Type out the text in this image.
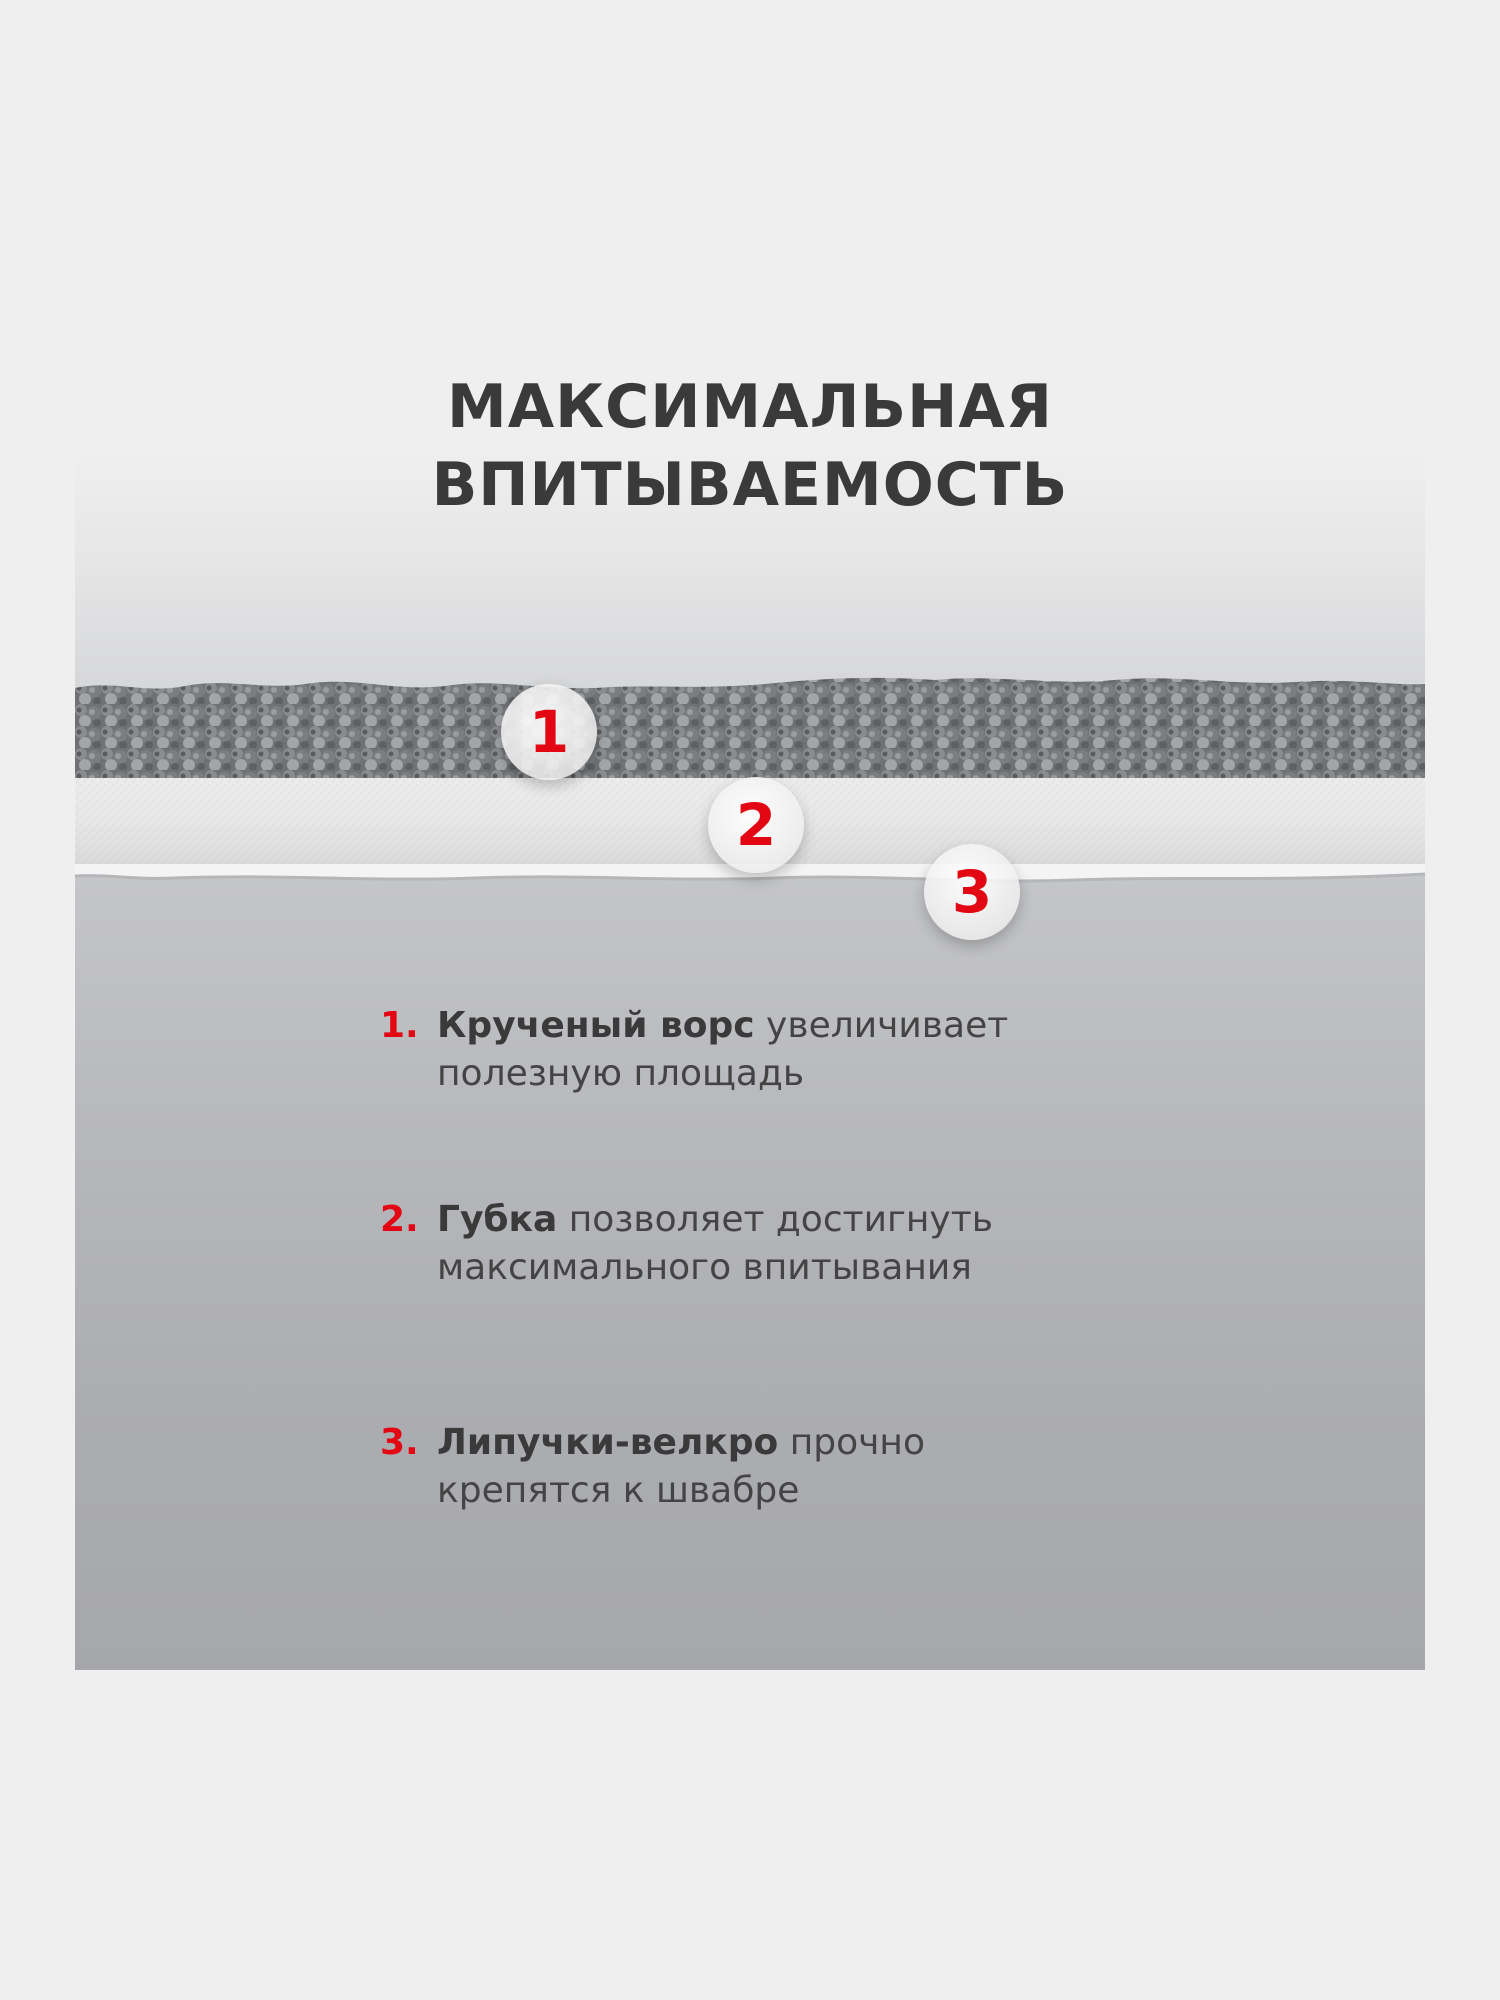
МАКСИМАЛЬНАЯ
ВПИТЫВАЕМОСТЬ
1
2
3
1. Крученый ворс увеличивает
полезную площадь
2. Губка позволяет достигнуть
максимального впитывания
3. Липучки-велкро прочно
крепятся к швабре
